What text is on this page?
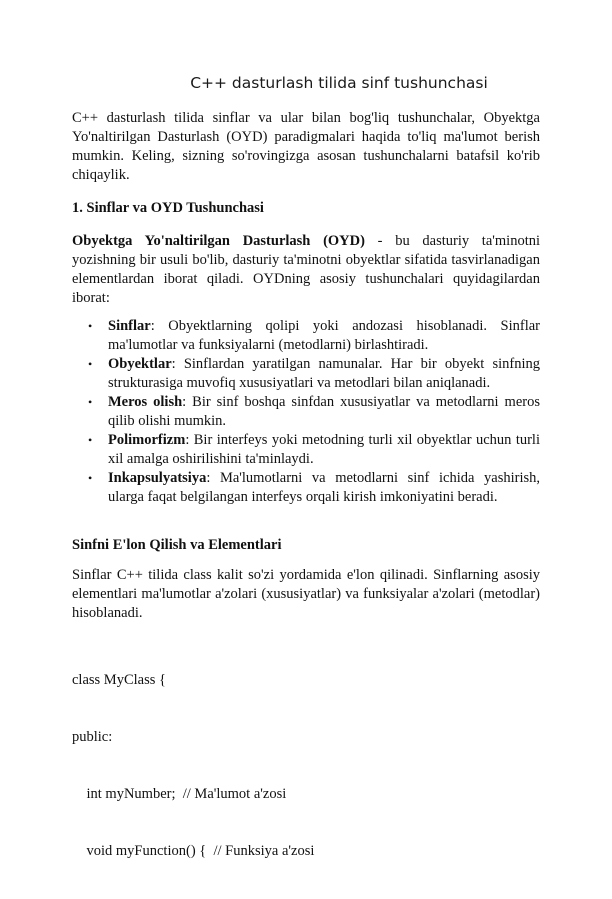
C++ dasturlash tilida sinf tushunchasi

C++ dasturlash tilida sinflar va ular bilan bog'liq tushunchalar, Obyektga Yo'naltirilgan Dasturlash (OYD) paradigmalari haqida to'liq ma'lumot berish mumkin. Keling, sizning so'rovingizga asosan tushunchalarni batafsil ko'rib chiqaylik.

1. Sinflar va OYD Tushunchasi

Obyektga Yo'naltirilgan Dasturlash (OYD) - bu dasturiy ta'minotni yozishning bir usuli bo'lib, dasturiy ta'minotni obyektlar sifatida tasvirlanadigan elementlardan iborat qiladi. OYDning asosiy tushunchalari quyidagilardan iborat:

• Sinflar: Obyektlarning qolipi yoki andozasi hisoblanadi. Sinflar ma'lumotlar va funksiyalarni (metodlarni) birlashtiradi.
• Obyektlar: Sinflardan yaratilgan namunalar. Har bir obyekt sinfning strukturasiga muvofiq xususiyatlari va metodlari bilan aniqlanadi.
• Meros olish: Bir sinf boshqa sinfdan xususiyatlar va metodlarni meros qilib olishi mumkin.
• Polimorfizm: Bir interfeys yoki metodning turli xil obyektlar uchun turli xil amalga oshirilishini ta'minlaydi.
• Inkapsulyatsiya: Ma'lumotlarni va metodlarni sinf ichida yashirish, ularga faqat belgilangan interfeys orqali kirish imkoniyatini beradi.
Sinfni E'lon Qilish va Elementlari

Sinflar C++ tilida class kalit so'zi yordamida e'lon qilinadi. Sinflarning asosiy elementlari ma'lumotlar a'zolari (xususiyatlar) va funksiyalar a'zolari (metodlar) hisoblanadi.

class MyClass {

public:

int myNumber;  // Ma'lumot a'zosi

void myFunction() {  // Funksiya a'zosi
